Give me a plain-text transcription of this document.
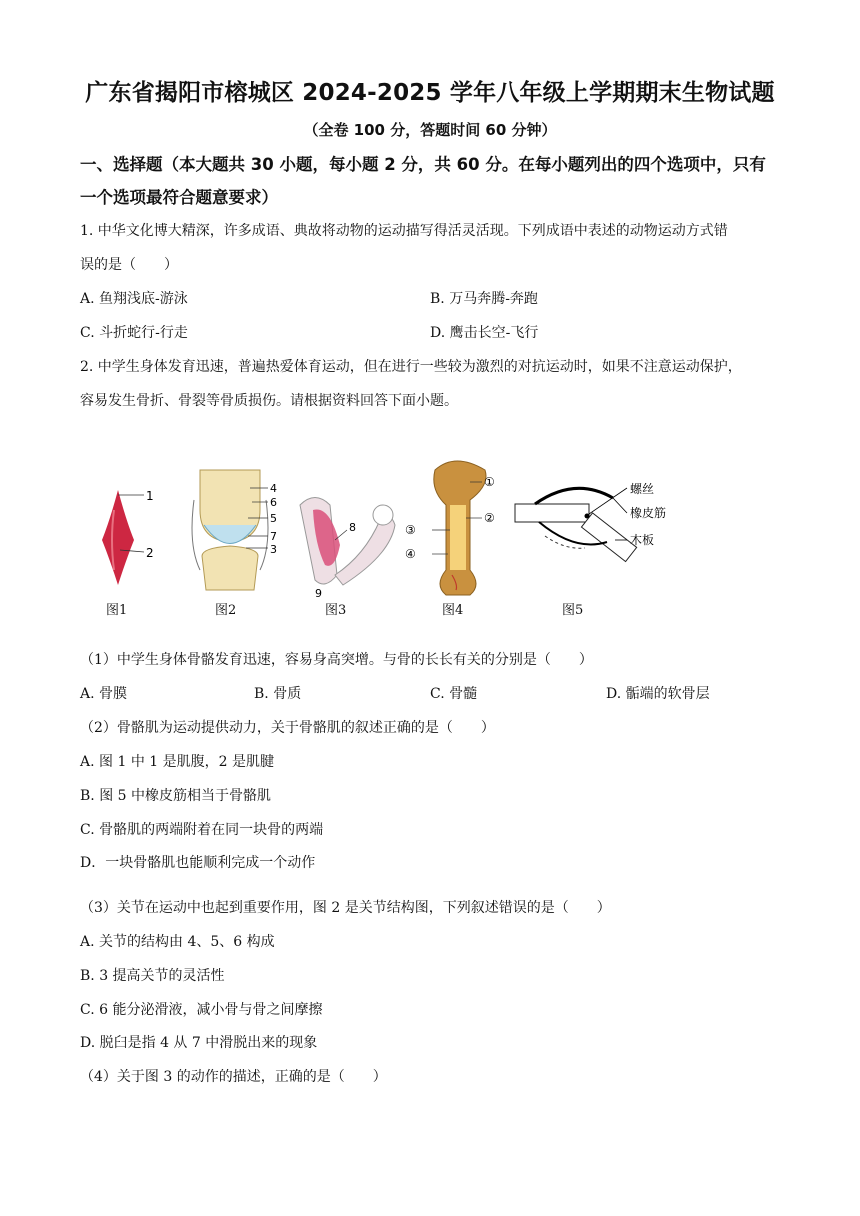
广东省揭阳市榕城区 2024-2025 学年八年级上学期期末生物试题
（全卷 100 分，答题时间 60 分钟）
一、选择题（本大题共 30 小题，每小题 2 分，共 60 分。在每小题列出的四个选项中，只有
一个选项最符合题意要求）
1. 中华文化博大精深，许多成语、典故将动物的运动描写得活灵活现。下列成语中表述的动物运动方式错
误的是（　　）
A. 鱼翔浅底-游泳	B. 万马奔腾-奔跑
C. 斗折蛇行-行走	D. 鹰击长空-飞行
2. 中学生身体发育迅速，普遍热爱体育运动，但在进行一些较为激烈的对抗运动时，如果不注意运动保护，
容易发生骨折、骨裂等骨质损伤。请根据资料回答下面小题。
1
2
4
6
5
7
3
8
9
①
②
③
④
螺丝
橡皮筋
木板
图1	图2	图3	图4	图5
（1）中学生身体骨骼发育迅速，容易身高突增。与骨的长长有关的分别是（　　）
A. 骨膜	B. 骨质	C. 骨髓	D. 骺端的软骨层
（2）骨骼肌为运动提供动力，关于骨骼肌的叙述正确的是（　　）
A. 图 1 中 1 是肌腹，2 是肌腱
B. 图 5 中橡皮筋相当于骨骼肌
C. 骨骼肌的两端附着在同一块骨的两端
D．一块骨骼肌也能顺利完成一个动作
（3）关节在运动中也起到重要作用，图 2 是关节结构图，下列叙述错误的是（　　）
A. 关节的结构由 4、5、6 构成
B. 3 提高关节的灵活性
C. 6 能分泌滑液，减小骨与骨之间摩擦
D. 脱臼是指 4 从 7 中滑脱出来的现象
（4）关于图 3 的动作的描述，正确的是（　　）
